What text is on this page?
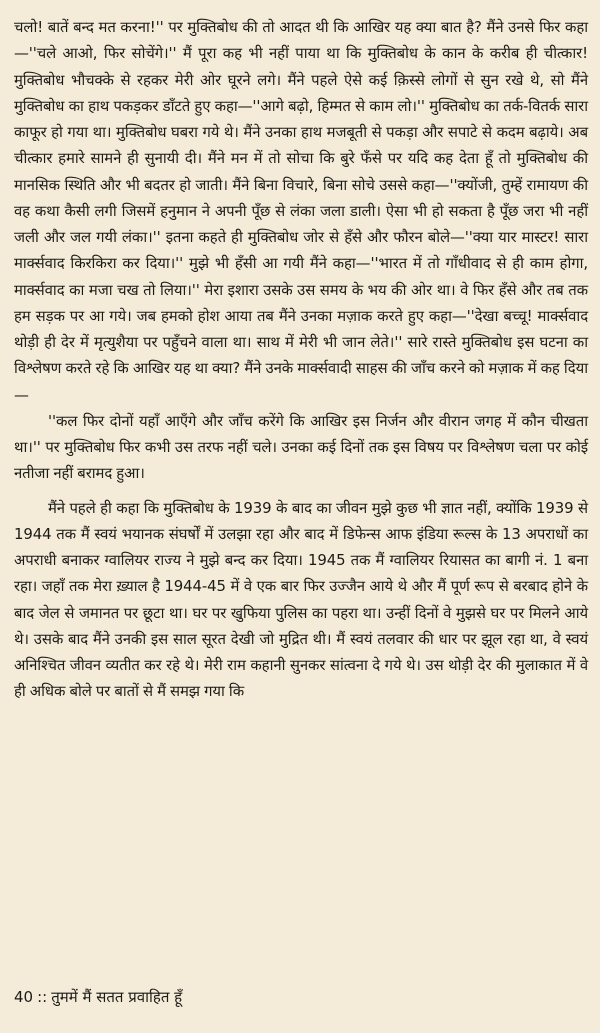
चलो! बातें बन्द मत करना!'' पर मुक्तिबोध की तो आदत थी कि आखिर यह क्या बात है? मैंने उनसे फिर कहा—''चले आओ, फिर सोचेंगे।'' मैं पूरा कह भी नहीं पाया था कि मुक्तिबोध के कान के करीब ही चीत्कार! मुक्तिबोध भौचक्के से रहकर मेरी ओर घूरने लगे। मैंने पहले ऐसे कई क़िस्से लोगों से सुन रखे थे, सो मैंने मुक्तिबोध का हाथ पकड़कर डाँटते हुए कहा—''आगे बढ़ो, हिम्मत से काम लो।'' मुक्तिबोध का तर्क-वितर्क सारा काफूर हो गया था। मुक्तिबोध घबरा गये थे। मैंने उनका हाथ मजबूती से पकड़ा और सपाटे से कदम बढ़ाये। अब चीत्कार हमारे सामने ही सुनायी दी। मैंने मन में तो सोचा कि बुरे फँसे पर यदि कह देता हूँ तो मुक्तिबोध की मानसिक स्थिति और भी बदतर हो जाती। मैंने बिना विचारे, बिना सोचे उससे कहा—''क्योंजी, तुम्हें रामायण की वह कथा कैसी लगी जिसमें हनुमान ने अपनी पूँछ से लंका जला डाली। ऐसा भी हो सकता है पूँछ जरा भी नहीं जली और जल गयी लंका।'' इतना कहते ही मुक्तिबोध जोर से हँसे और फौरन बोले—''क्या यार मास्टर! सारा मार्क्सवाद किरकिरा कर दिया।'' मुझे भी हँसी आ गयी मैंने कहा—''भारत में तो गाँधीवाद से ही काम होगा, मार्क्सवाद का मजा चख तो लिया।'' मेरा इशारा उसके उस समय के भय की ओर था। वे फिर हँसे और तब तक हम सड़क पर आ गये। जब हमको होश आया तब मैंने उनका मज़ाक करते हुए कहा—''देखा बच्चू! मार्क्सवाद थोड़ी ही देर में मृत्युशैया पर पहुँचने वाला था। साथ में मेरी भी जान लेते।'' सारे रास्ते मुक्तिबोध इस घटना का विश्लेषण करते रहे कि आखिर यह था क्या? मैंने उनके मार्क्सवादी साहस की जाँच करने को मज़ाक में कह दिया—

''कल फिर दोनों यहाँ आएँगे और जाँच करेंगे कि आखिर इस निर्जन और वीरान जगह में कौन चीखता था।'' पर मुक्तिबोध फिर कभी उस तरफ नहीं चले। उनका कई दिनों तक इस विषय पर विश्लेषण चला पर कोई नतीजा नहीं बरामद हुआ।

मैंने पहले ही कहा कि मुक्तिबोध के 1939 के बाद का जीवन मुझे कुछ भी ज्ञात नहीं, क्योंकि 1939 से 1944 तक मैं स्वयं भयानक संघर्षों में उलझा रहा और बाद में डिफेन्स आफ इंडिया रूल्स के 13 अपराधों का अपराधी बनाकर ग्वालियर राज्य ने मुझे बन्द कर दिया। 1945 तक मैं ग्वालियर रियासत का बागी नं. 1 बना रहा। जहाँ तक मेरा ख़्याल है 1944-45 में वे एक बार फिर उज्जैन आये थे और मैं पूर्ण रूप से बरबाद होने के बाद जेल से जमानत पर छूटा था। घर पर खुफिया पुलिस का पहरा था। उन्हीं दिनों वे मुझसे घर पर मिलने आये थे। उसके बाद मैंने उनकी इस साल सूरत देखी जो मुद्रित थी। मैं स्वयं तलवार की धार पर झूल रहा था, वे स्वयं अनिश्चित जीवन व्यतीत कर रहे थे। मेरी राम कहानी सुनकर सांत्वना दे गये थे। उस थोड़ी देर की मुलाकात में वे ही अधिक बोले पर बातों से मैं समझ गया कि

40 :: तुममें मैं सतत प्रवाहित हूँ
